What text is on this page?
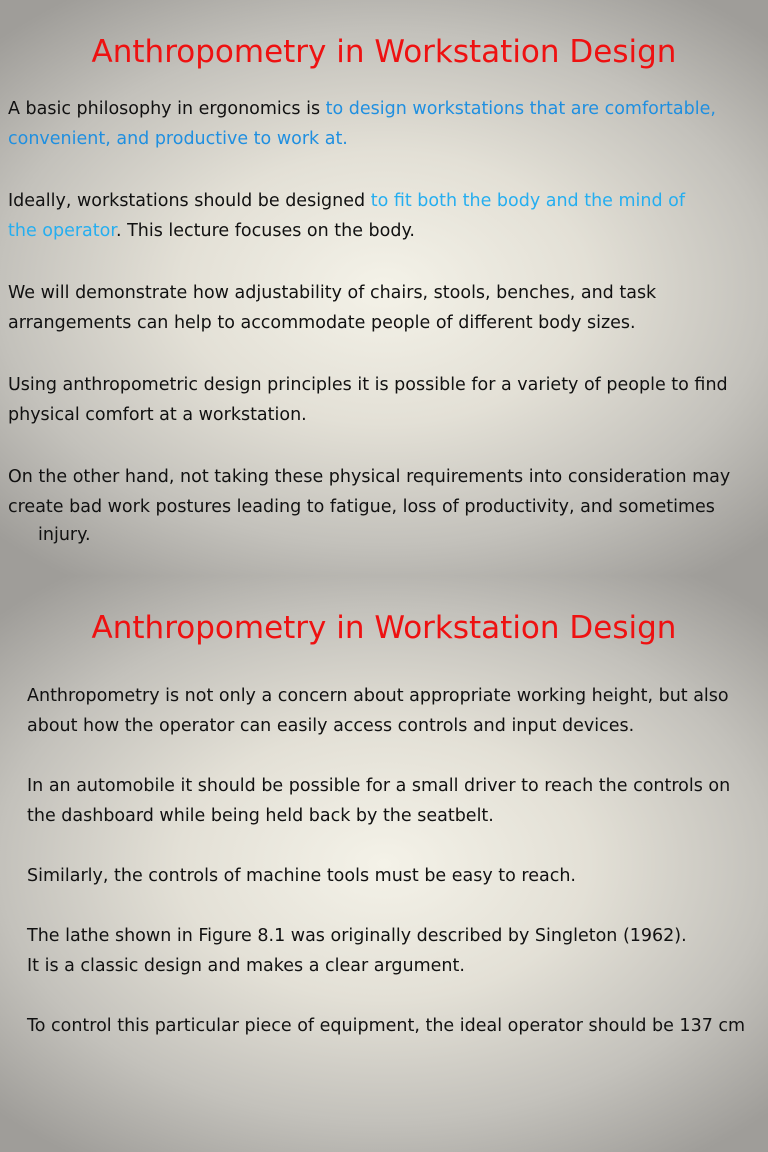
Anthropometry in Workstation Design

A basic philosophy in ergonomics is to design workstations that are comfortable,
convenient, and productive to work at.

Ideally, workstations should be designed to fit both the body and the mind of
the operator. This lecture focuses on the body.

We will demonstrate how adjustability of chairs, stools, benches, and task
arrangements can help to accommodate people of different body sizes.

Using anthropometric design principles it is possible for a variety of people to find
physical comfort at a workstation.

On the other hand, not taking these physical requirements into consideration may
create bad work postures leading to fatigue, loss of productivity, and sometimes
injury.

Anthropometry in Workstation Design

Anthropometry is not only a concern about appropriate working height, but also
about how the operator can easily access controls and input devices.

In an automobile it should be possible for a small driver to reach the controls on
the dashboard while being held back by the seatbelt.

Similarly, the controls of machine tools must be easy to reach.

The lathe shown in Figure 8.1 was originally described by Singleton (1962).
It is a classic design and makes a clear argument.

To control this particular piece of equipment, the ideal operator should be 137 cm
